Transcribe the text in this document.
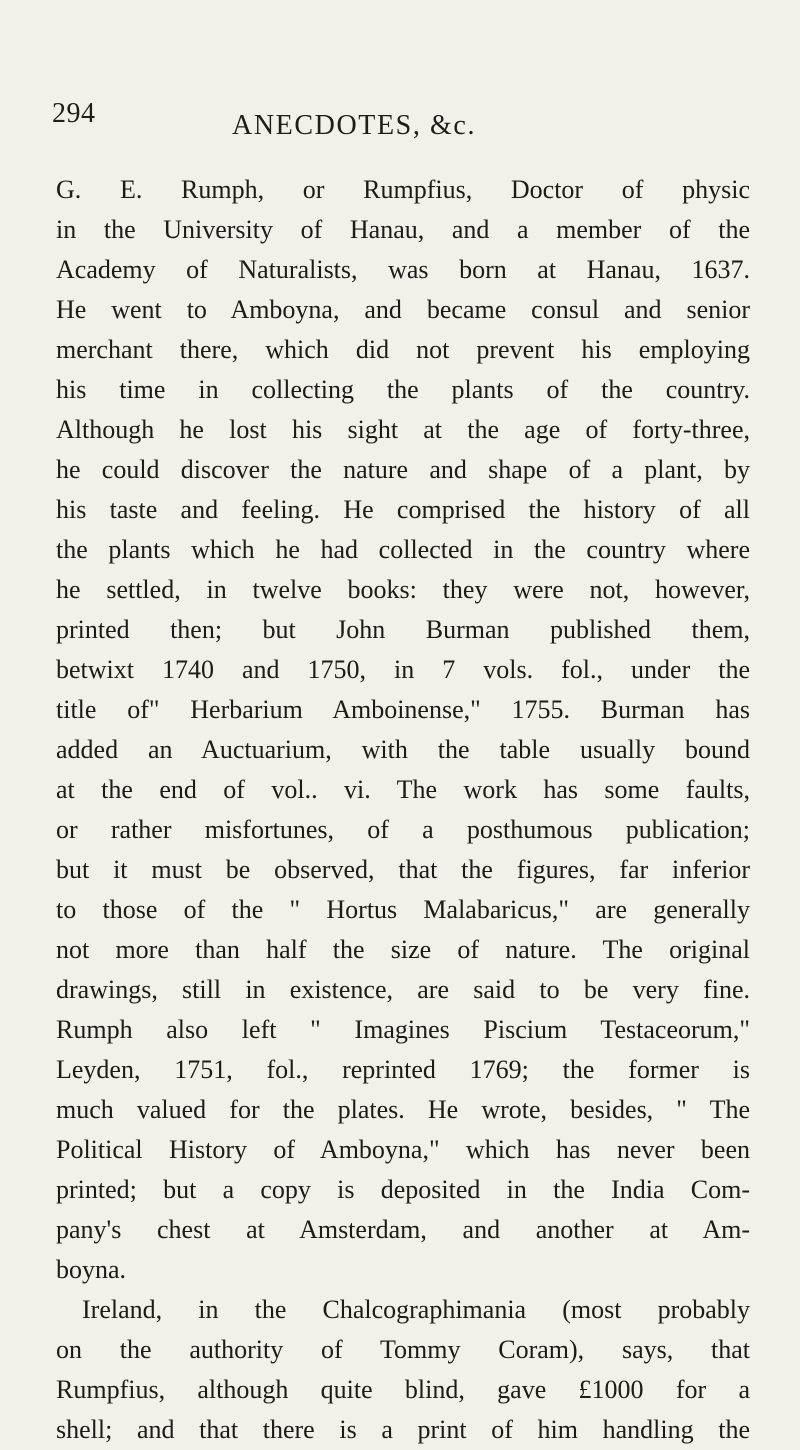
294	ANECDOTES, &c.
G. E. Rumph, or Rumpfius, Doctor of physic
in the University of Hanau, and a member of the
Academy of Naturalists, was born at Hanau, 1637.
He went to Amboyna, and became consul and senior
merchant there, which did not prevent his employing
his time in collecting the plants of the country.
Although he lost his sight at the age of forty-three,
he could discover the nature and shape of a plant, by
his taste and feeling. He comprised the history of all
the plants which he had collected in the country where
he settled, in twelve books: they were not, however,
printed then; but John Burman published them,
betwixt 1740 and 1750, in 7 vols. fol., under the
title of" Herbarium Amboinense," 1755. Burman has
added an Auctuarium, with the table usually bound
at the end of vol.. vi. The work has some faults,
or rather misfortunes, of a posthumous publication;
but it must be observed, that the figures, far inferior
to those of the " Hortus Malabaricus," are generally
not more than half the size of nature. The original
drawings, still in existence, are said to be very fine.
Rumph also left " Imagines Piscium Testaceorum,"
Leyden, 1751, fol., reprinted 1769; the former is
much valued for the plates. He wrote, besides, " The
Political History of Amboyna," which has never been
printed; but a copy is deposited in the India Com-
pany's chest at Amsterdam, and another at Am-
boyna.
Ireland, in the Chalcographimania (most probably
on the authority of Tommy Coram), says, that
Rumpfius, although quite blind, gave £1000 for a
shell; and that there is a print of him handling the
